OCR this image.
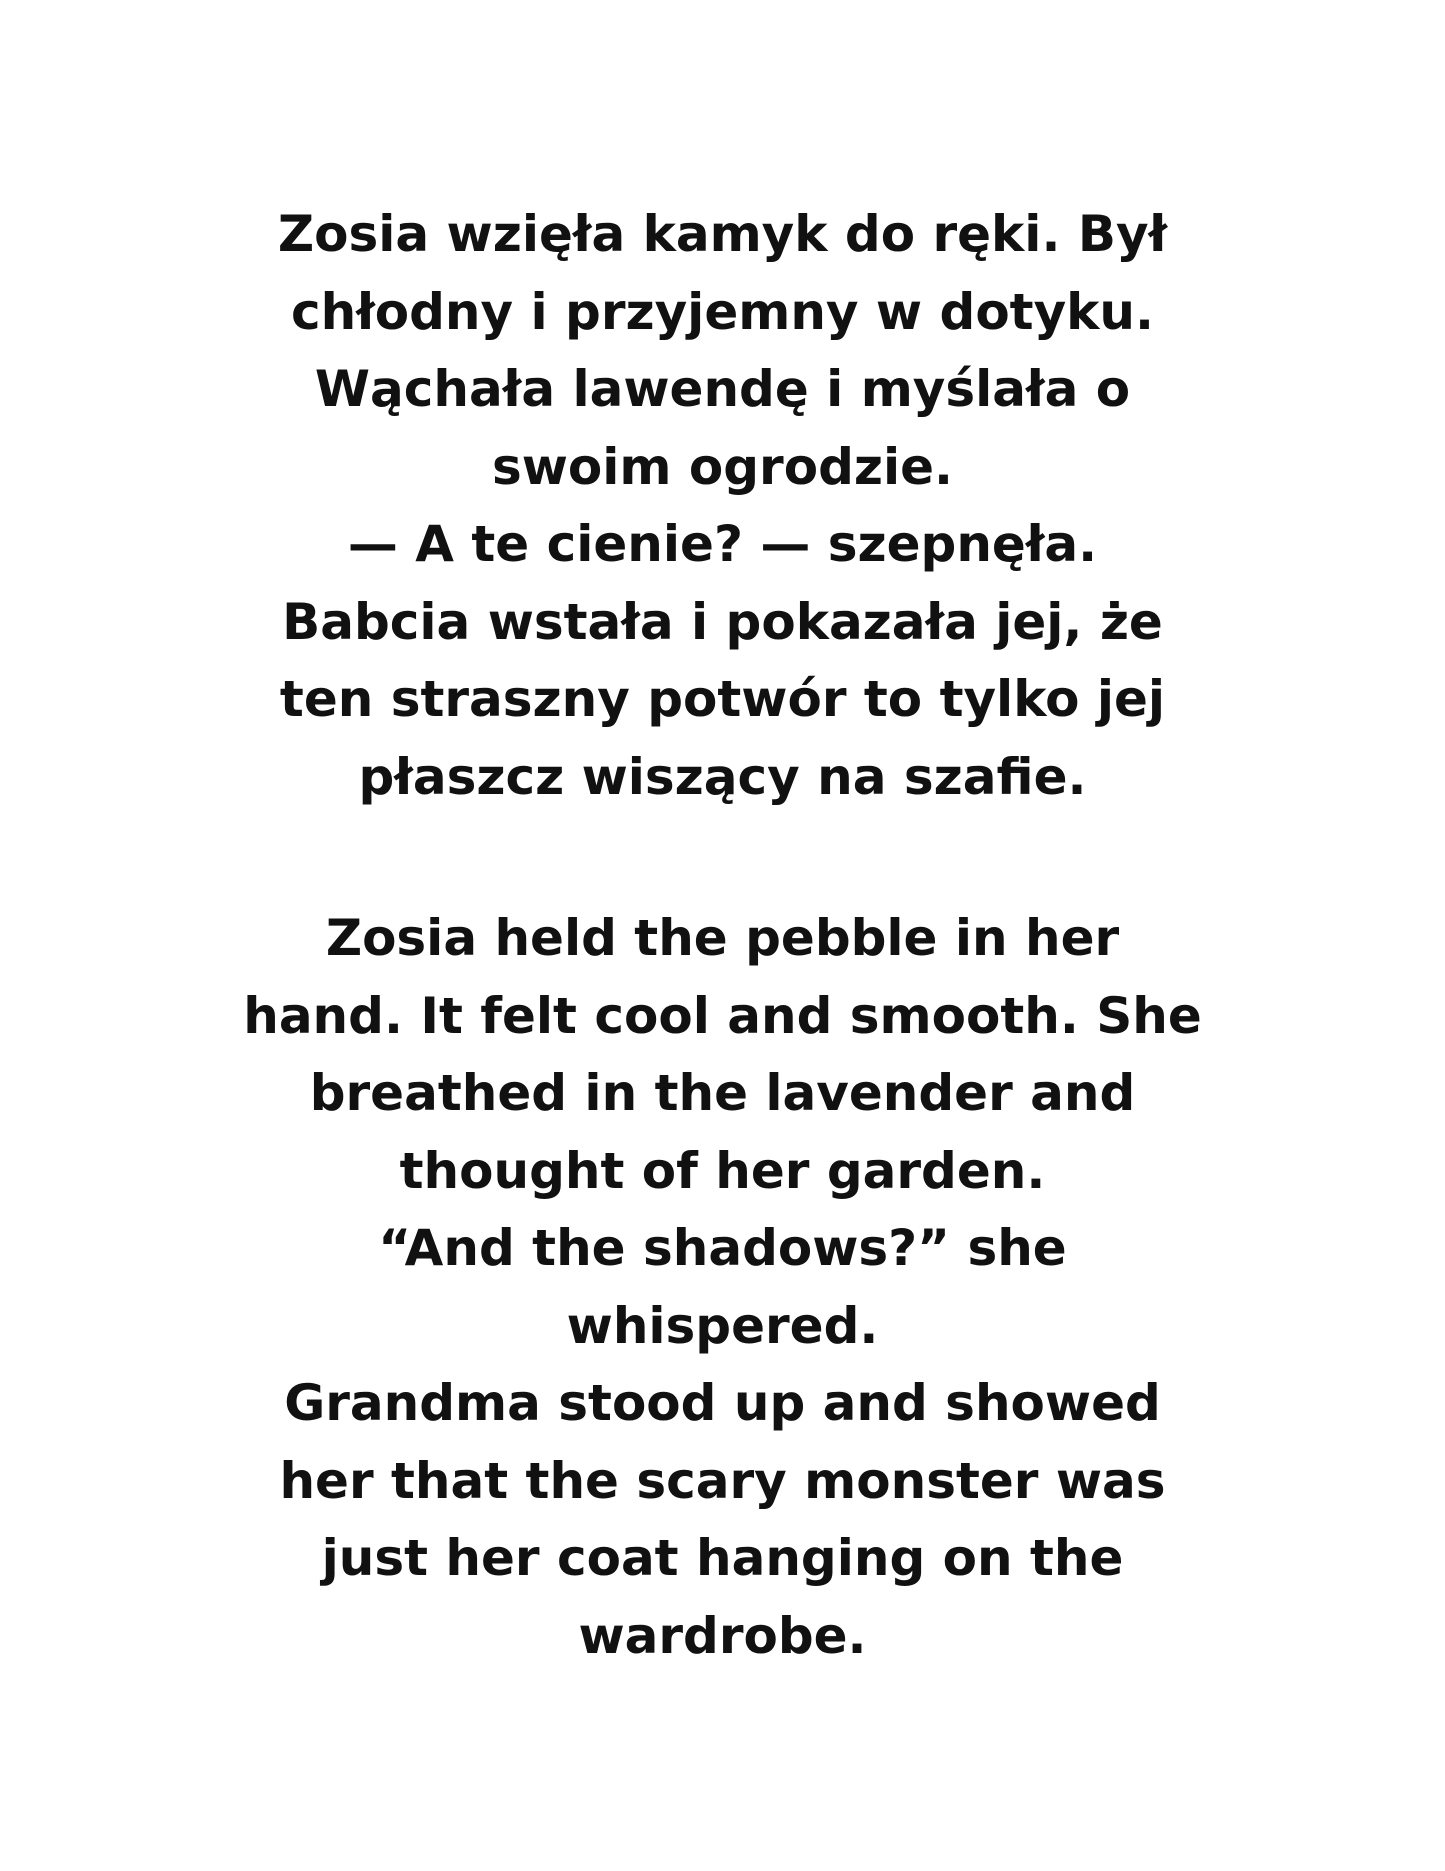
Zosia wzięła kamyk do ręki. Był
chłodny i przyjemny w dotyku.
Wąchała lawendę i myślała o
swoim ogrodzie.
— A te cienie? — szepnęła.
Babcia wstała i pokazała jej, że
ten straszny potwór to tylko jej
płaszcz wiszący na szafie.
Zosia held the pebble in her
hand. It felt cool and smooth. She
breathed in the lavender and
thought of her garden.
“And the shadows?” she
whispered.
Grandma stood up and showed
her that the scary monster was
just her coat hanging on the
wardrobe.
